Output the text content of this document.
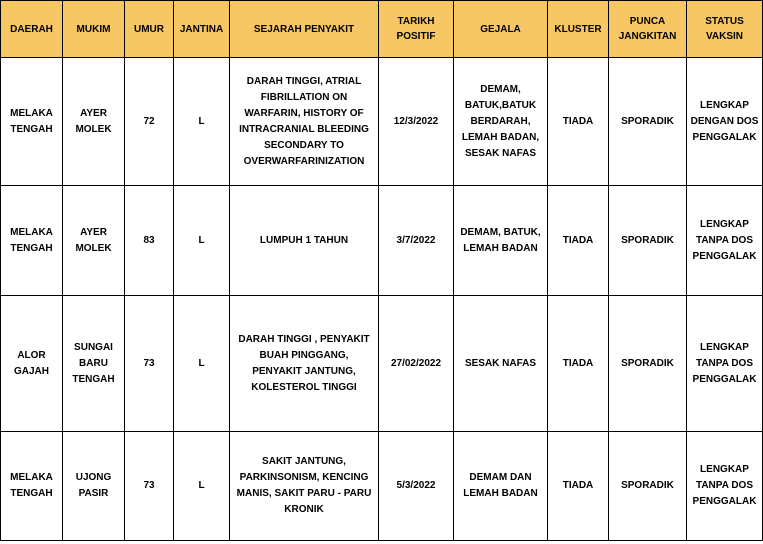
DAERAH	MUKIM	UMUR	JANTINA	SEJARAH PENYAKIT	TARIKH POSITIF	GEJALA	KLUSTER	PUNCA JANGKITAN	STATUS VAKSIN
MELAKA TENGAH	AYER MOLEK	72	L	DARAH TINGGI, ATRIAL FIBRILLATION ON WARFARIN, HISTORY OF INTRACRANIAL BLEEDING SECONDARY TO OVERWARFARINIZATION	12/3/2022	DEMAM, BATUK,BATUK BERDARAH, LEMAH BADAN, SESAK NAFAS	TIADA	SPORADIK	LENGKAP DENGAN DOS PENGGALAK
MELAKA TENGAH	AYER MOLEK	83	L	LUMPUH 1 TAHUN	3/7/2022	DEMAM, BATUK, LEMAH BADAN	TIADA	SPORADIK	LENGKAP TANPA DOS PENGGALAK
ALOR GAJAH	SUNGAI BARU TENGAH	73	L	DARAH TINGGI , PENYAKIT BUAH PINGGANG, PENYAKIT JANTUNG, KOLESTEROL TINGGI	27/02/2022	SESAK NAFAS	TIADA	SPORADIK	LENGKAP TANPA DOS PENGGALAK
MELAKA TENGAH	UJONG PASIR	73	L	SAKIT JANTUNG, PARKINSONISM, KENCING MANIS, SAKIT PARU - PARU KRONIK	5/3/2022	DEMAM DAN LEMAH BADAN	TIADA	SPORADIK	LENGKAP TANPA DOS PENGGALAK
